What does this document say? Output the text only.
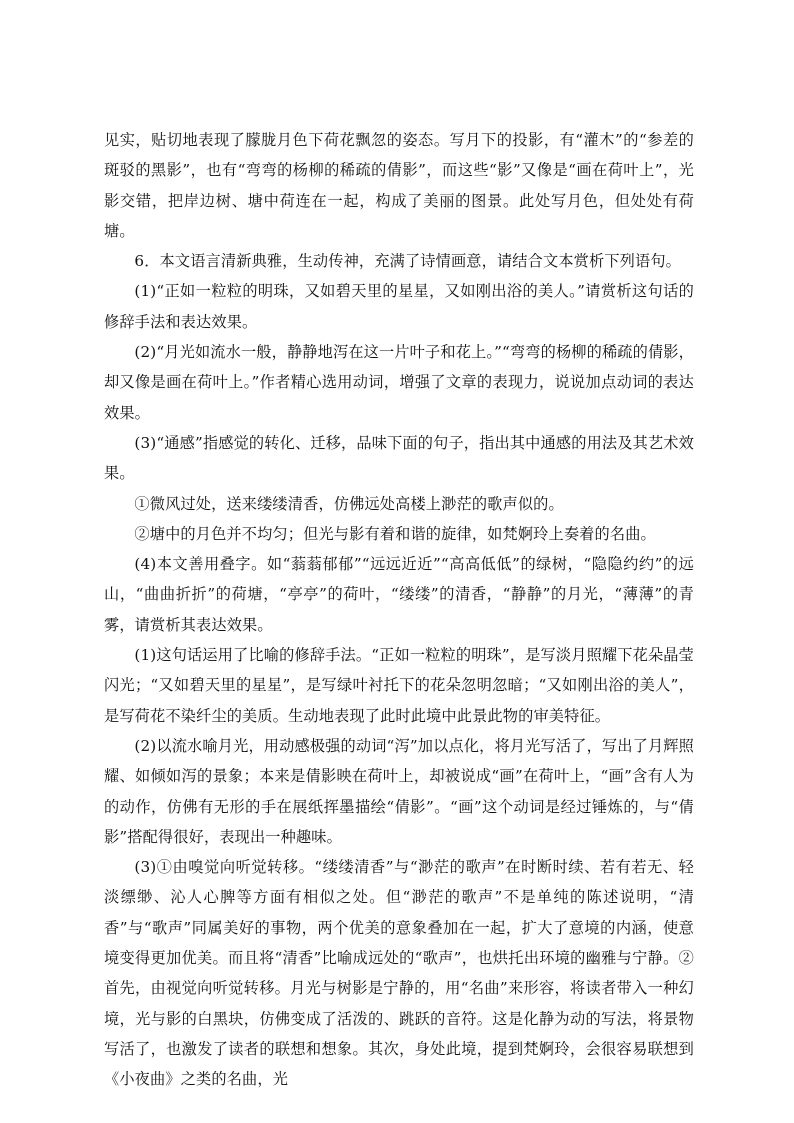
见实，贴切地表现了朦胧月色下荷花飘忽的姿态。写月下的投影，有“灌木”的“参差的斑驳的黑影”，也有“弯弯的杨柳的稀疏的倩影”，而这些“影”又像是“画在荷叶上”，光影交错，把岸边树、塘中荷连在一起，构成了美丽的图景。此处写月色，但处处有荷塘。

6．本文语言清新典雅，生动传神，充满了诗情画意，请结合文本赏析下列语句。

(1)“正如一粒粒的明珠，又如碧天里的星星，又如刚出浴的美人。”请赏析这句话的修辞手法和表达效果。

(2)“月光如流水一般，静静地泻在这一片叶子和花上。”“弯弯的杨柳的稀疏的倩影，却又像是画在荷叶上。”作者精心选用动词，增强了文章的表现力，说说加点动词的表达效果。

(3)“通感”指感觉的转化、迁移，品味下面的句子，指出其中通感的用法及其艺术效果。

①微风过处，送来缕缕清香，仿佛远处高楼上渺茫的歌声似的。

②塘中的月色并不均匀；但光与影有着和谐的旋律，如梵婀玲上奏着的名曲。

(4)本文善用叠字。如“蓊蓊郁郁”“远远近近”“高高低低”的绿树，“隐隐约约”的远山，“曲曲折折”的荷塘，“亭亭”的荷叶，“缕缕”的清香，“静静”的月光，“薄薄”的青雾，请赏析其表达效果。

(1)这句话运用了比喻的修辞手法。“正如一粒粒的明珠”，是写淡月照耀下花朵晶莹闪光；“又如碧天里的星星”，是写绿叶衬托下的花朵忽明忽暗；“又如刚出浴的美人”，是写荷花不染纤尘的美质。生动地表现了此时此境中此景此物的审美特征。

(2)以流水喻月光，用动感极强的动词“泻”加以点化，将月光写活了，写出了月辉照耀、如倾如泻的景象；本来是倩影映在荷叶上，却被说成“画”在荷叶上，“画”含有人为的动作，仿佛有无形的手在展纸挥墨描绘“倩影”。“画”这个动词是经过锤炼的，与“倩影”搭配得很好，表现出一种趣味。

(3)①由嗅觉向听觉转移。“缕缕清香”与“渺茫的歌声”在时断时续、若有若无、轻淡缥缈、沁人心脾等方面有相似之处。但“渺茫的歌声”不是单纯的陈述说明，“清香”与“歌声”同属美好的事物，两个优美的意象叠加在一起，扩大了意境的内涵，使意境变得更加优美。而且将“清香”比喻成远处的“歌声”，也烘托出环境的幽雅与宁静。②首先，由视觉向听觉转移。月光与树影是宁静的，用“名曲”来形容，将读者带入一种幻境，光与影的白黑块，仿佛变成了活泼的、跳跃的音符。这是化静为动的写法，将景物写活了，也激发了读者的联想和想象。其次，身处此境，提到梵婀玲，会很容易联想到《小夜曲》之类的名曲，光
